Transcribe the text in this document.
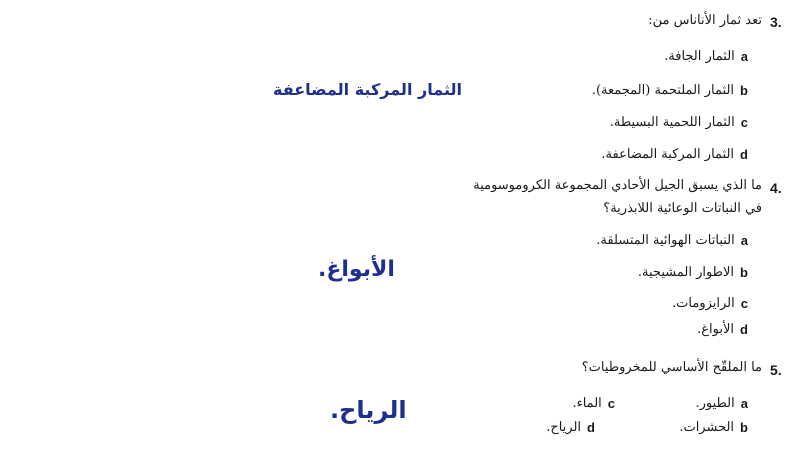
3.
تعد ثمار الأناناس من:
a
الثمار الجافة.
b
الثمار الملتحمة (المجمعة).
c
الثمار اللحمية البسيطة.
d
الثمار المركبة المضاعفة.
الثمار المركبة المضاعفة
4.
ما الذي يسبق الجيل الأحادي المجموعة الكروموسومية
في النباتات الوعائية اللابذرية؟
a
النباتات الهوائية المتسلقة.
b
الاطوار المشيجية.
c
الرايزومات.
d
الأبواغ.
الأبواغ.
5.
ما الملقّح الأساسي للمخروطيات؟
a
الطيور.
b
الحشرات.
c
الماء.
d
الرياح.
الرياح.
